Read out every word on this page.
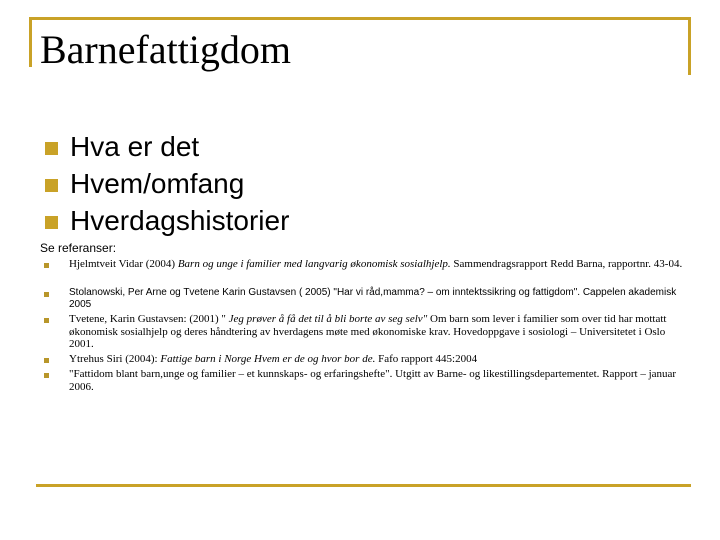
Barnefattigdom
Hva er det
Hvem/omfang
Hverdagshistorier
Se referanser:
Hjelmtveit Vidar (2004) Barn og unge i familier med langvarig økonomisk sosialhjelp. Sammendragsrapport Redd Barna, rapportnr. 43-04.
Stolanowski, Per Arne og Tvetene Karin Gustavsen ( 2005) "Har vi råd,mamma? – om inntektssikring og fattigdom". Cappelen akademisk 2005
Tvetene, Karin Gustavsen: (2001) " Jeg prøver å få det til å bli borte av seg selv" Om barn som lever i familier som over tid har mottatt økonomisk sosialhjelp og deres håndtering av hverdagens møte med økonomiske krav. Hovedoppgave i sosiologi – Universitetet i Oslo 2001.
Ytrehus Siri (2004): Fattige barn i Norge Hvem er de og hvor bor de. Fafo rapport 445:2004
"Fattidom blant barn,unge og familier – et kunnskaps- og erfaringshefte". Utgitt av Barne- og likestillingsdepartementet. Rapport – januar 2006.
